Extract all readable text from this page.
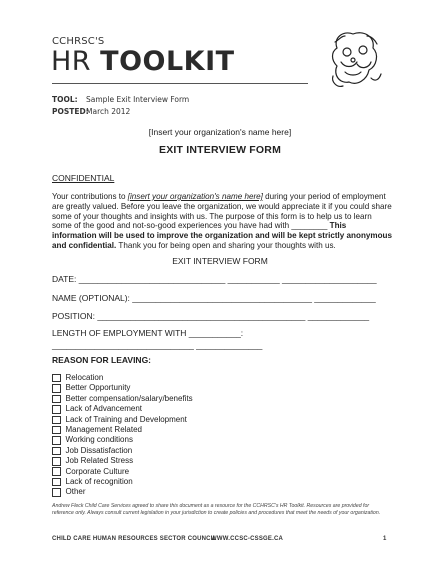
CCHRSC'S
HR TOOLKIT
TOOL: Sample Exit Interview Form
POSTED:March 2012
[Insert your organization's name here]
EXIT INTERVIEW FORM
CONFIDENTIAL
Your contributions to [insert your organization's name here] during your period of employment are greatly valued. Before you leave the organization, we would appreciate it if you could share some of your thoughts and insights with us. The purpose of this form is to help us to learn some of the good and not-so-good experiences you have had with ________ This information will be used to improve the organization and will be kept strictly anonymous and confidential. Thank you for being open and sharing your thoughts with us.
EXIT INTERVIEW FORM
DATE: _______________________________ ___________ ____________________
NAME (OPTIONAL): ______________________________________ _____________
POSITION: ____________________________________________ _____________
LENGTH OF EMPLOYMENT WITH ___________:
______________________________ ______________
REASON FOR LEAVING:
Relocation
Better Opportunity
Better compensation/salary/benefits
Lack of Advancement
Lack of Training and Development
Management Related
Working conditions
Job Dissatisfaction
Job Related Stress
Corporate Culture
Lack of recognition
Other
Andrew Fleck Child Care Services agreed to share this document as a resource for the CCHRSC's HR Toolkit. Resources are provided for reference only. Always consult current legislation in your jurisdiction to create policies and procedures that meet the needs of your organization.
CHILD CARE HUMAN RESOURCES SECTOR COUNCIL
WWW.CCSC-CSSGE.CA	1
